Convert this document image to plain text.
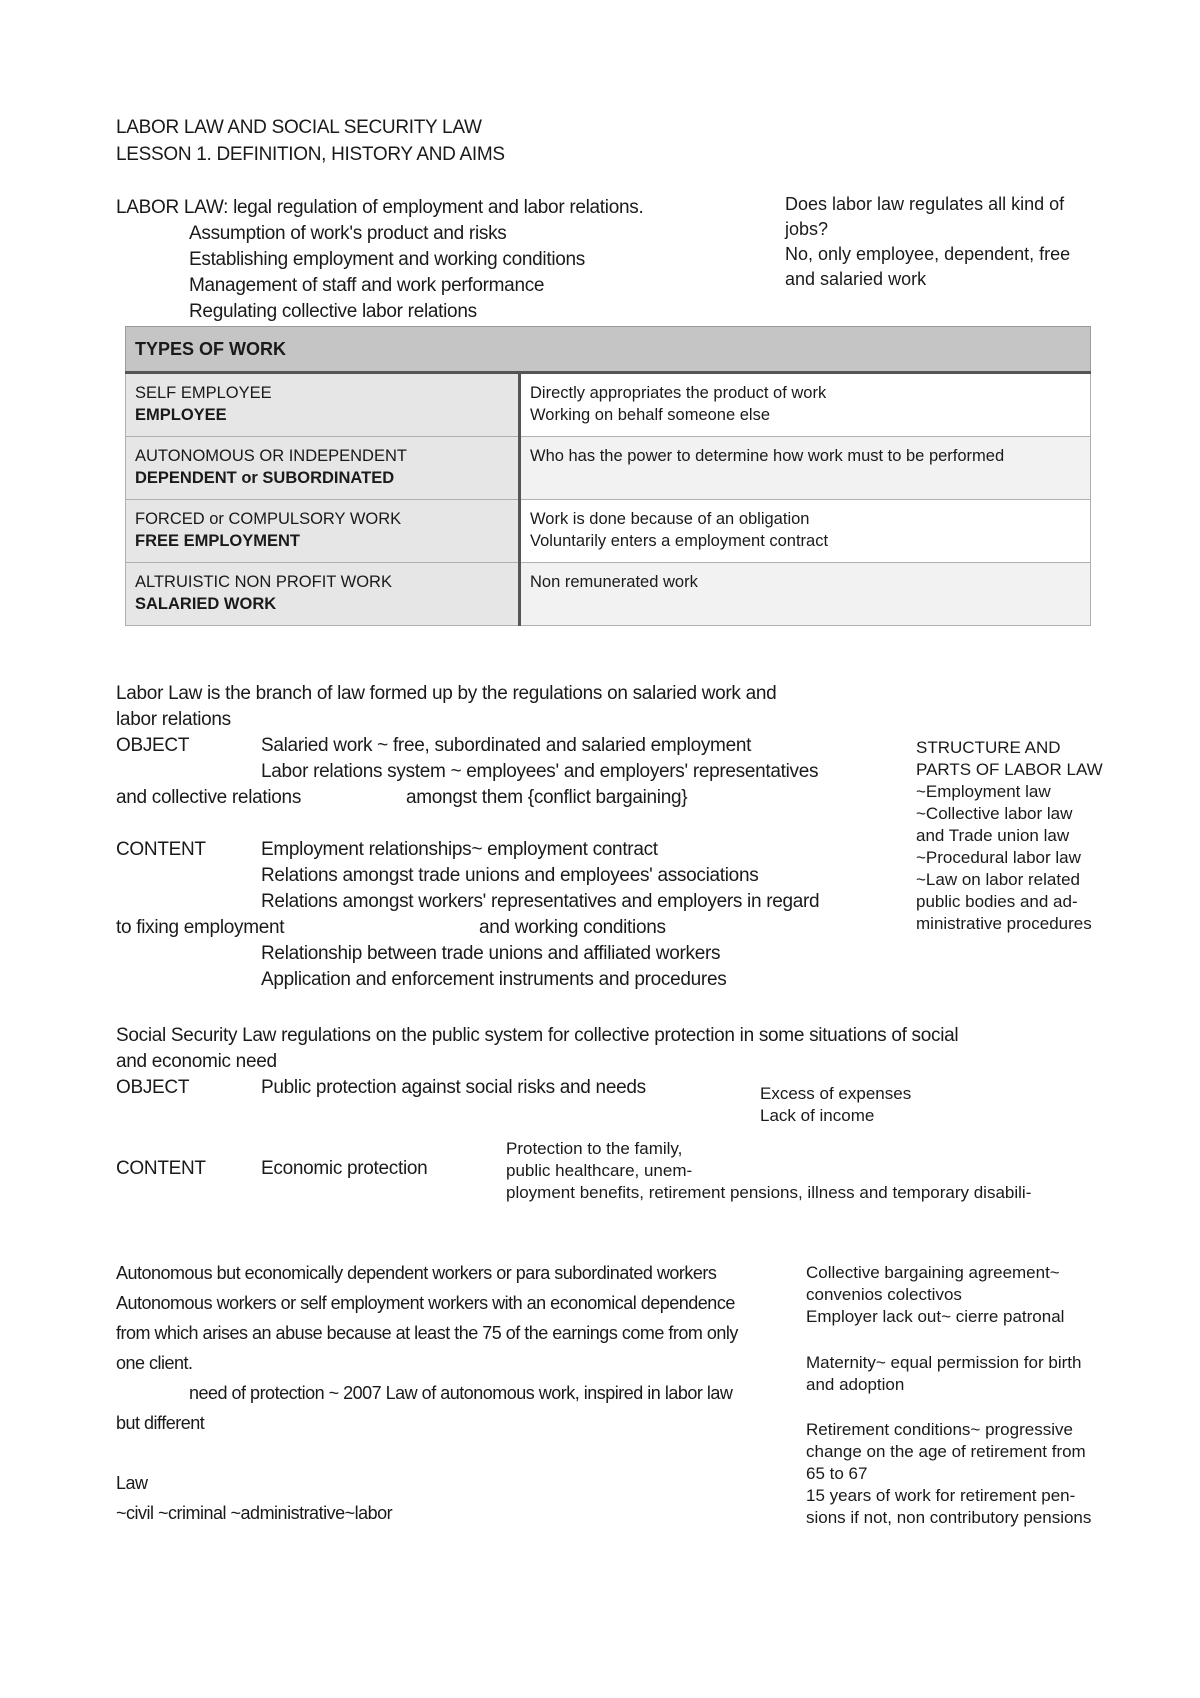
LABOR LAW AND SOCIAL SECURITY LAW
LESSON 1. DEFINITION, HISTORY AND AIMS
LABOR LAW: legal regulation of employment and labor relations.
Assumption of work's product and risks
Establishing employment and working conditions
Management of staff and work performance
Regulating collective labor relations
Does labor law regulates all kind of
jobs?
No, only employee, dependent, free
and salaried work
TYPES OF WORK	

SELF EMPLOYEE
EMPLOYEE	Directly appropriates the product of work
Working on behalf someone else

AUTONOMOUS OR INDEPENDENT
DEPENDENT or SUBORDINATED	Who has the power to determine how work must to be performed

FORCED or COMPULSORY WORK
FREE EMPLOYMENT	Work is done because of an obligation
Voluntarily enters a employment contract

ALTRUISTIC NON PROFIT WORK
SALARIED WORK	Non remunerated work
Labor Law is the branch of law formed up by the regulations on salaried work and
labor relations
OBJECT	Salaried work ~ free, subordinated and salaried employment
Labor relations system ~ employees' and employers' representatives
and collective relations	amongst them {conflict bargaining}
CONTENT	Employment relationships~ employment contract
Relations amongst trade unions and employees' associations
Relations amongst workers' representatives and employers in regard
to fixing employment	and working conditions
Relationship between trade unions and affiliated workers
Application and enforcement instruments and procedures
STRUCTURE AND
PARTS OF LABOR LAW
~Employment law
~Collective labor law
and Trade union law
~Procedural labor law
~Law on labor related
public bodies and ad-
ministrative procedures
Social Security Law regulations on the public system for collective protection in some situations of social
and economic need
OBJECT	Public protection against social risks and needs	Excess of expenses
Lack of income
CONTENT	Economic protection
Protection to the family,
public healthcare, unem-
ployment benefits, retirement pensions, illness and temporary disabili-
Autonomous but economically dependent workers or para subordinated workers
Autonomous workers or self employment workers with an economical dependence
from which arises an abuse because at least the 75 of the earnings come from only
one client.
need of protection ~ 2007 Law of autonomous work, inspired in labor law
but different
Law
~civil ~criminal ~administrative~labor
Collective bargaining agreement~
convenios colectivos
Employer lack out~ cierre patronal
Maternity~ equal permission for birth
and adoption
Retirement conditions~ progressive
change on the age of retirement from
65 to 67
15 years of work for retirement pen-
sions if not, non contributory pensions
